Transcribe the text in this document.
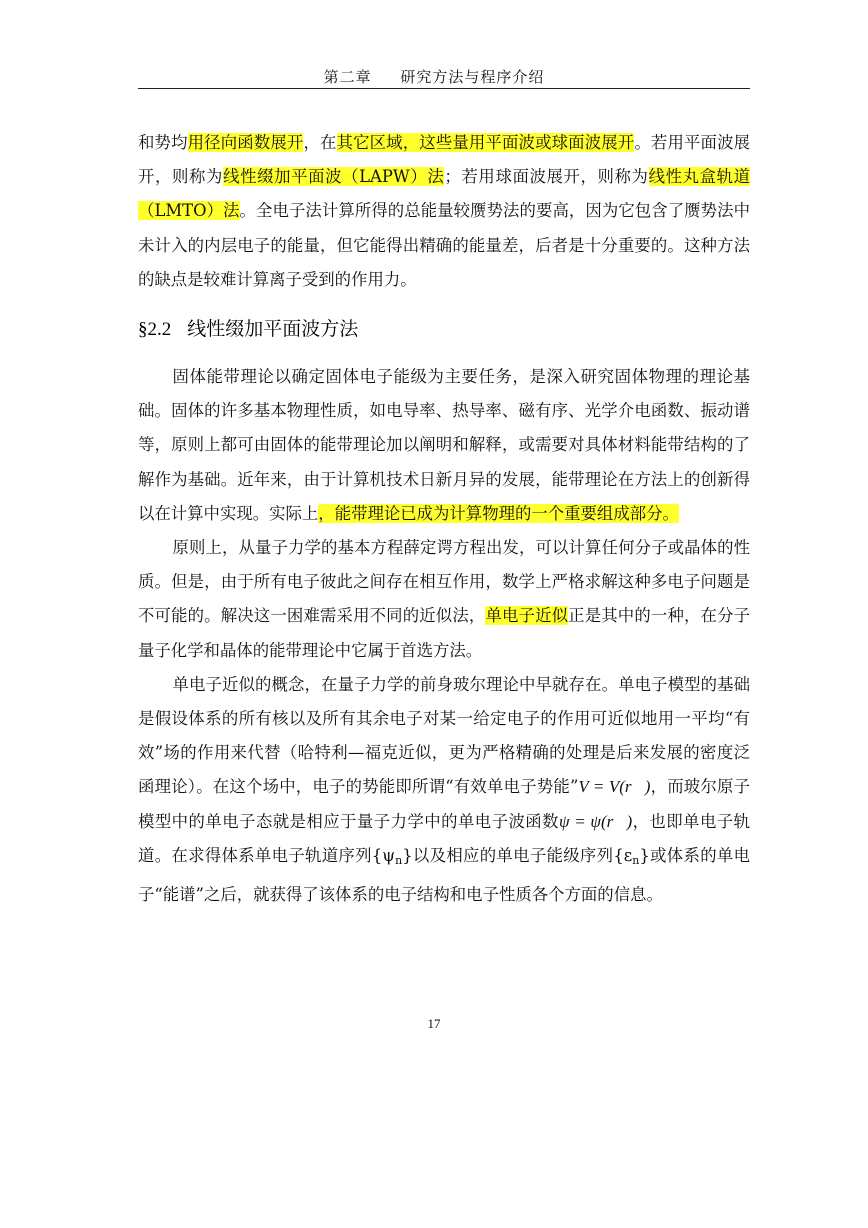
第二章 研究方法与程序介绍

和势均用径向函数展开，在其它区域，这些量用平面波或球面波展开。若用平面波展开，则称为线性缀加平面波（LAPW）法；若用球面波展开，则称为线性丸盒轨道（LMTO）法。全电子法计算所得的总能量较赝势法的要高，因为它包含了赝势法中未计入的内层电子的能量，但它能得出精确的能量差，后者是十分重要的。这种方法的缺点是较难计算离子受到的作用力。

§2.2 线性缀加平面波方法

固体能带理论以确定固体电子能级为主要任务，是深入研究固体物理的理论基础。固体的许多基本物理性质，如电导率、热导率、磁有序、光学介电函数、振动谱等，原则上都可由固体的能带理论加以阐明和解释，或需要对具体材料能带结构的了解作为基础。近年来，由于计算机技术日新月异的发展，能带理论在方法上的创新得以在计算中实现。实际上，能带理论已成为计算物理的一个重要组成部分。

原则上，从量子力学的基本方程薛定谔方程出发，可以计算任何分子或晶体的性质。但是，由于所有电子彼此之间存在相互作用，数学上严格求解这种多电子问题是不可能的。解决这一困难需采用不同的近似法，单电子近似正是其中的一种，在分子量子化学和晶体的能带理论中它属于首选方法。

单电子近似的概念，在量子力学的前身玻尔理论中早就存在。单电子模型的基础是假设体系的所有核以及所有其余电子对某一给定电子的作用可近似地用一平均“有效”场的作用来代替（哈特利—福克近似，更为严格精确的处理是后来发展的密度泛函理论）。在这个场中，电子的势能即所谓“有效单电子势能”V = V(r⃗)，而玻尔原子模型中的单电子态就是相应于量子力学中的单电子波函数ψ = ψ(r⃗)，也即单电子轨道。在求得体系单电子轨道序列$\{\psi_n\}$以及相应的单电子能级序列$\{\varepsilon_n\}$或体系的单电子“能谱”之后，就获得了该体系的电子结构和电子性质各个方面的信息。

17
